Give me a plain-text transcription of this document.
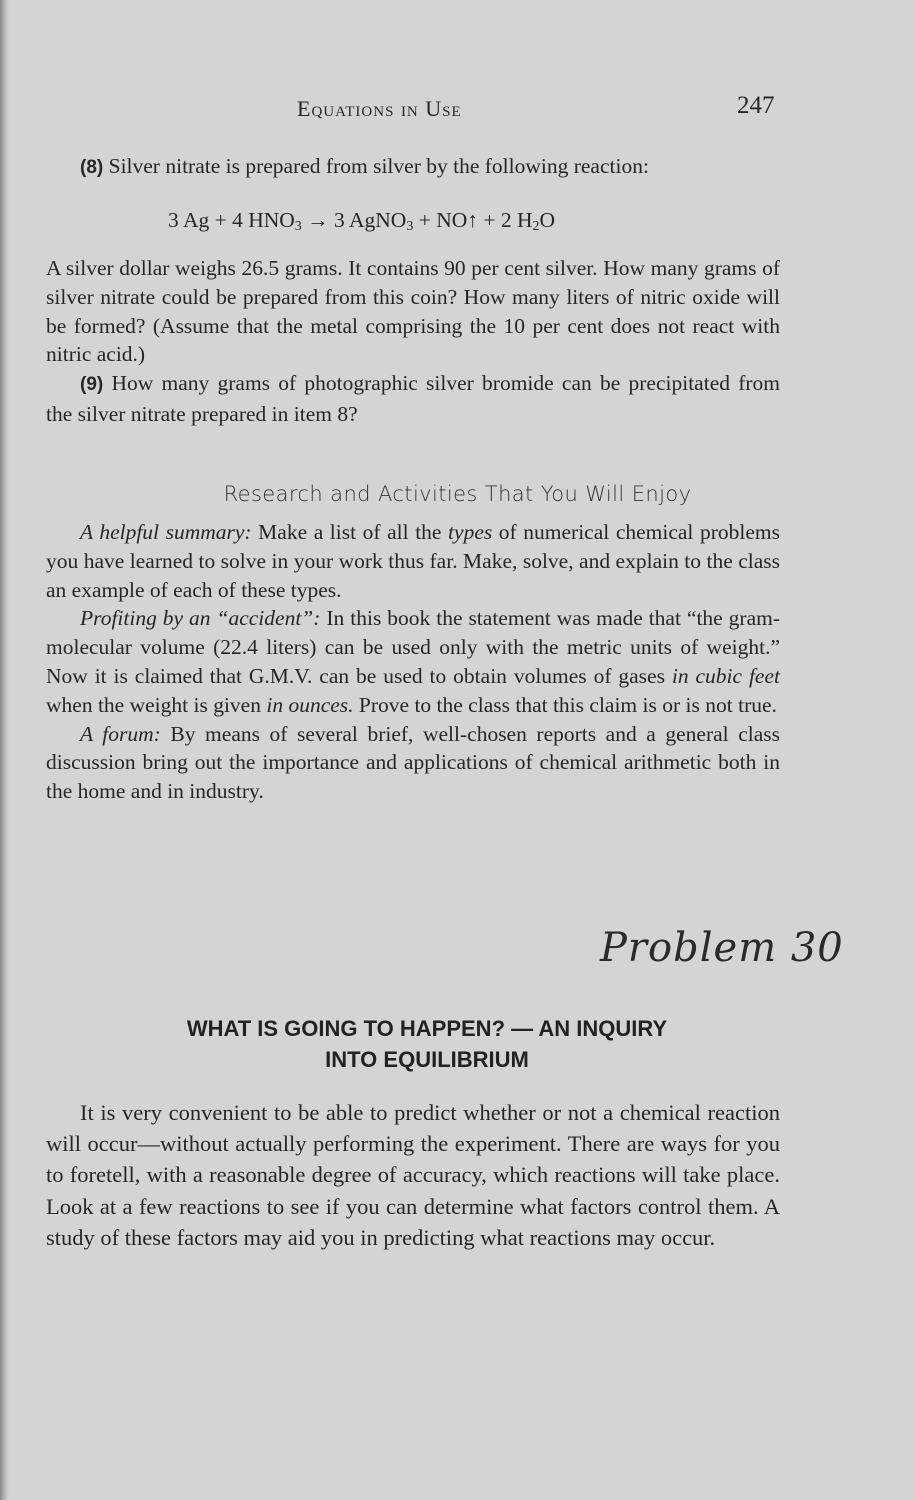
Equations in Use	247

(8) Silver nitrate is prepared from silver by the following reaction:

3 Ag + 4 $HNO_3 \to 3$ AgNO$_3$ + NO↑ + 2 $H_2O$

A silver dollar weighs 26.5 grams. It contains 90 per cent silver. How many grams of silver nitrate could be prepared from this coin? How many liters of nitric oxide will be formed? (Assume that the metal comprising the 10 per cent does not react with nitric acid.)

(9) How many grams of photographic silver bromide can be precipitated from the silver nitrate prepared in item 8?

Research and Activities That You Will Enjoy

A helpful summary: Make a list of all the types of numerical chemical problems you have learned to solve in your work thus far. Make, solve, and explain to the class an example of each of these types.

Profiting by an “accident”: In this book the statement was made that “the gram-molecular volume (22.4 liters) can be used only with the metric units of weight.” Now it is claimed that G.M.V. can be used to obtain volumes of gases in cubic feet when the weight is given in ounces. Prove to the class that this claim is or is not true.

A forum: By means of several brief, well-chosen reports and a general class discussion bring out the importance and applications of chemical arithmetic both in the home and in industry.

Problem 30
WHAT IS GOING TO HAPPEN? — AN INQUIRY
INTO EQUILIBRIUM

It is very convenient to be able to predict whether or not a chemical reaction will occur—without actually performing the experiment. There are ways for you to foretell, with a reasonable degree of accuracy, which reactions will take place. Look at a few reactions to see if you can determine what factors control them. A study of these factors may aid you in predicting what reactions may occur.
